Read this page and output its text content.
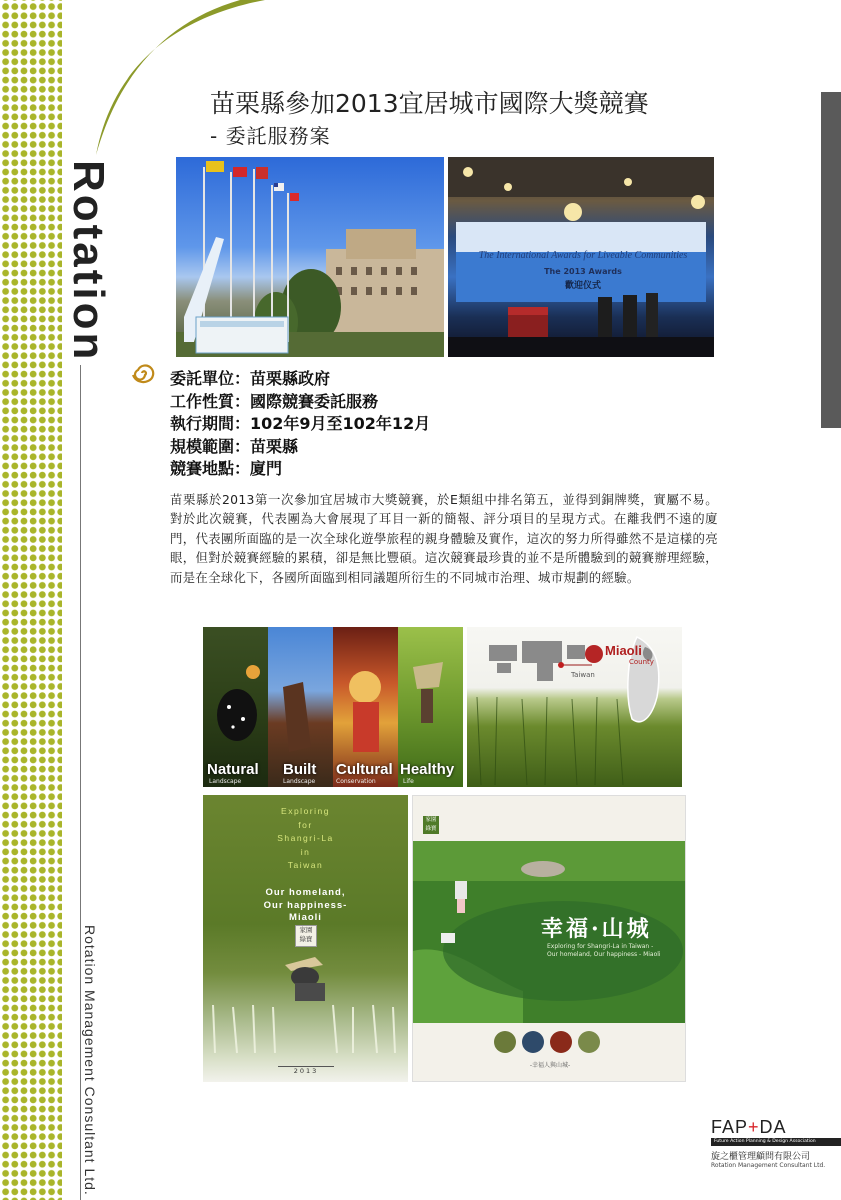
Rotation
Rotation Management Consultant Ltd.
苗栗縣參加2013宜居城市國際大獎競賽
- 委託服務案
The International Awards for Liveable Communities
The 2013 Awards
歡迎仪式
委託單位：苗栗縣政府
工作性質：國際競賽委託服務
執行期間：102年9月至102年12月
規模範圍：苗栗縣
競賽地點：廈門
苗栗縣於2013第一次參加宜居城市大獎競賽，於E類組中排名第五，並得到銅牌獎，實屬不易。對於此次競賽，代表團為大會展現了耳目一新的簡報、評分項目的呈現方式。在離我們不遠的廈門，代表團所面臨的是一次全球化遊學旅程的親身體驗及實作，這次的努力所得雖然不是這樣的亮眼，但對於競賽經驗的累積，卻是無比豐碩。這次競賽最珍貴的並不是所體驗到的競賽辦理經驗，而是在全球化下，各國所面臨到相同議題所衍生的不同城市治理、城市規劃的經驗。
Natural
Landscape
Built
Landscape
Cultural
Conservation
Healthy
Life
Miaoli
County
Taiwan
Exploring
for
Shangri-La
in
Taiwan
Our homeland,
Our happiness-
Miaoli
家園
綠寶
2013
家園
綠寶
幸福·山城
Exploring for Shangri-La in Taiwan -
Our homeland, Our happiness - Miaoli
-幸福人與山城-
FAP+DA
Future Action Planning & Design Association
旋之櫃管理顧問有限公司
Rotation Management Consultant Ltd.
